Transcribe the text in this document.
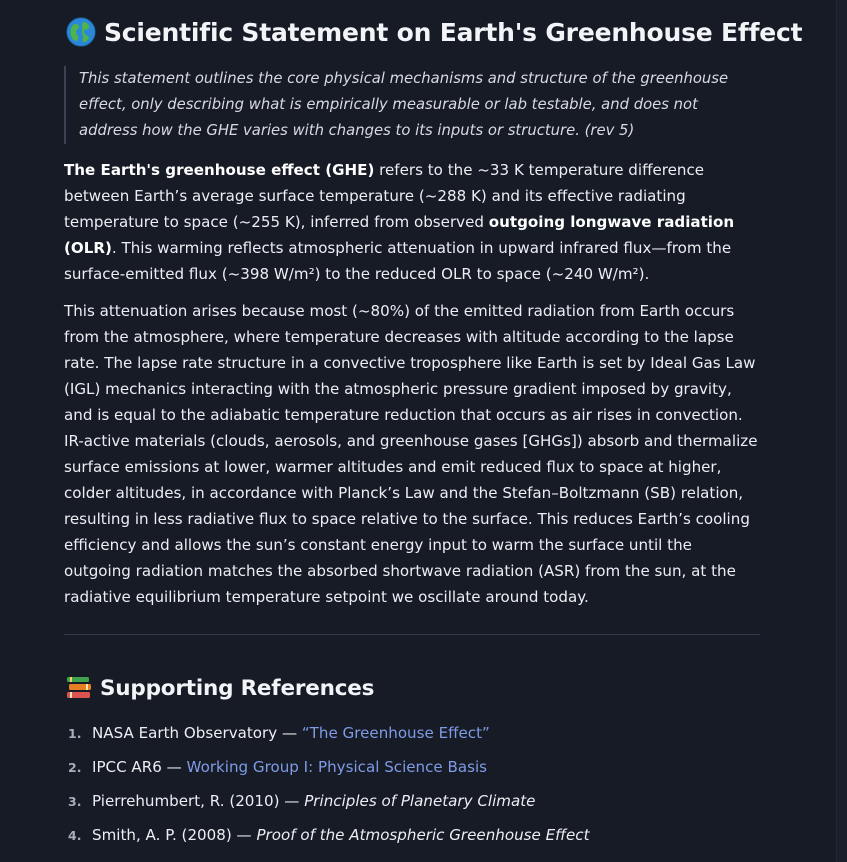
Scientific Statement on Earth's Greenhouse Effect
This statement outlines the core physical mechanisms and structure of the greenhouse effect, only describing what is empirically measurable or lab testable, and does not address how the GHE varies with changes to its inputs or structure. (rev 5)

The Earth's greenhouse effect (GHE) refers to the ~33 K temperature difference between Earth’s average surface temperature (~288 K) and its effective radiating temperature to space (~255 K), inferred from observed outgoing longwave radiation (OLR). This warming reflects atmospheric attenuation in upward infrared flux—from the surface-emitted flux (~398 W/m²) to the reduced OLR to space (~240 W/m²).

This attenuation arises because most (~80%) of the emitted radiation from Earth occurs from the atmosphere, where temperature decreases with altitude according to the lapse rate. The lapse rate structure in a convective troposphere like Earth is set by Ideal Gas Law (IGL) mechanics interacting with the atmospheric pressure gradient imposed by gravity, and is equal to the adiabatic temperature reduction that occurs as air rises in convection. IR-active materials (clouds, aerosols, and greenhouse gases [GHGs]) absorb and thermalize surface emissions at lower, warmer altitudes and emit reduced flux to space at higher, colder altitudes, in accordance with Planck’s Law and the Stefan–Boltzmann (SB) relation, resulting in less radiative flux to space relative to the surface. This reduces Earth’s cooling efficiency and allows the sun’s constant energy input to warm the surface until the outgoing radiation matches the absorbed shortwave radiation (ASR) from the sun, at the radiative equilibrium temperature setpoint we oscillate around today.

Supporting References
1. NASA Earth Observatory — “The Greenhouse Effect”
2. IPCC AR6 — Working Group I: Physical Science Basis
3. Pierrehumbert, R. (2010) — Principles of Planetary Climate
4. Smith, A. P. (2008) — Proof of the Atmospheric Greenhouse Effect
